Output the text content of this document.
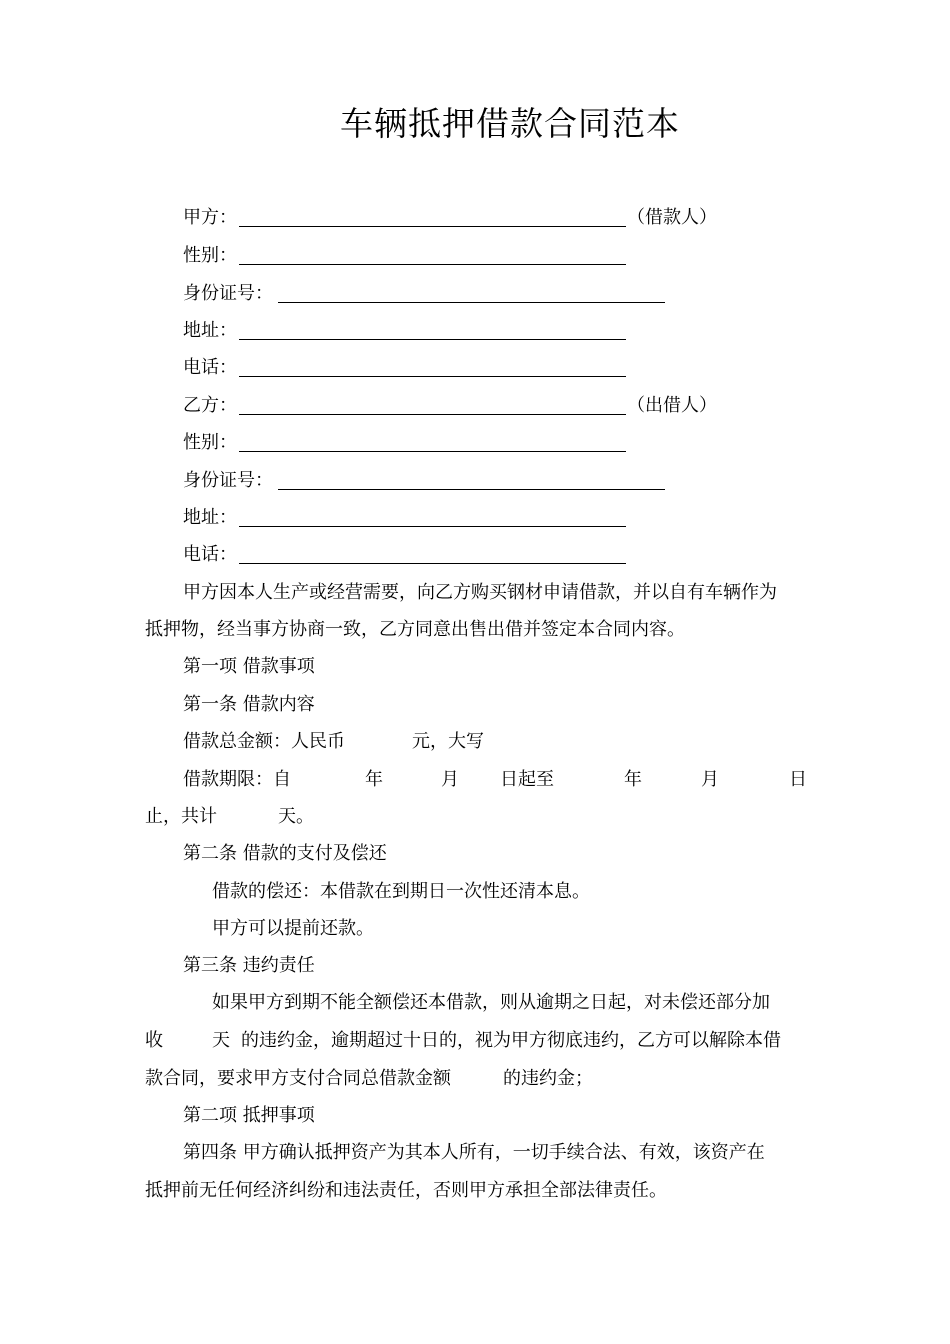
车辆抵押借款合同范本
甲方：	（借款人）
性别：
身份证号：
地址：
电话：
乙方：	（出借人）
性别：
身份证号：
地址：
电话：
甲方因本人生产或经营需要，向乙方购买钢材申请借款，并以自有车辆作为
抵押物，经当事方协商一致，乙方同意出售出借并签定本合同内容。
第一项 借款事项
第一条 借款内容
借款总金额：人民币	元，大写
借款期限：自	年	月 日起至	年	月	日
止，共计	天。
第二条 借款的支付及偿还
借款的偿还：本借款在到期日一次性还清本息。
甲方可以提前还款。
第三条 违约责任
如果甲方到期不能全额偿还本借款，则从逾期之日起，对未偿还部分加
收	天 的违约金，逾期超过十日的，视为甲方彻底违约，乙方可以解除本借
款合同，要求甲方支付合同总借款金额	的违约金；
第二项 抵押事项
第四条 甲方确认抵押资产为其本人所有，一切手续合法、有效，该资产在
抵押前无任何经济纠纷和违法责任，否则甲方承担全部法律责任。
